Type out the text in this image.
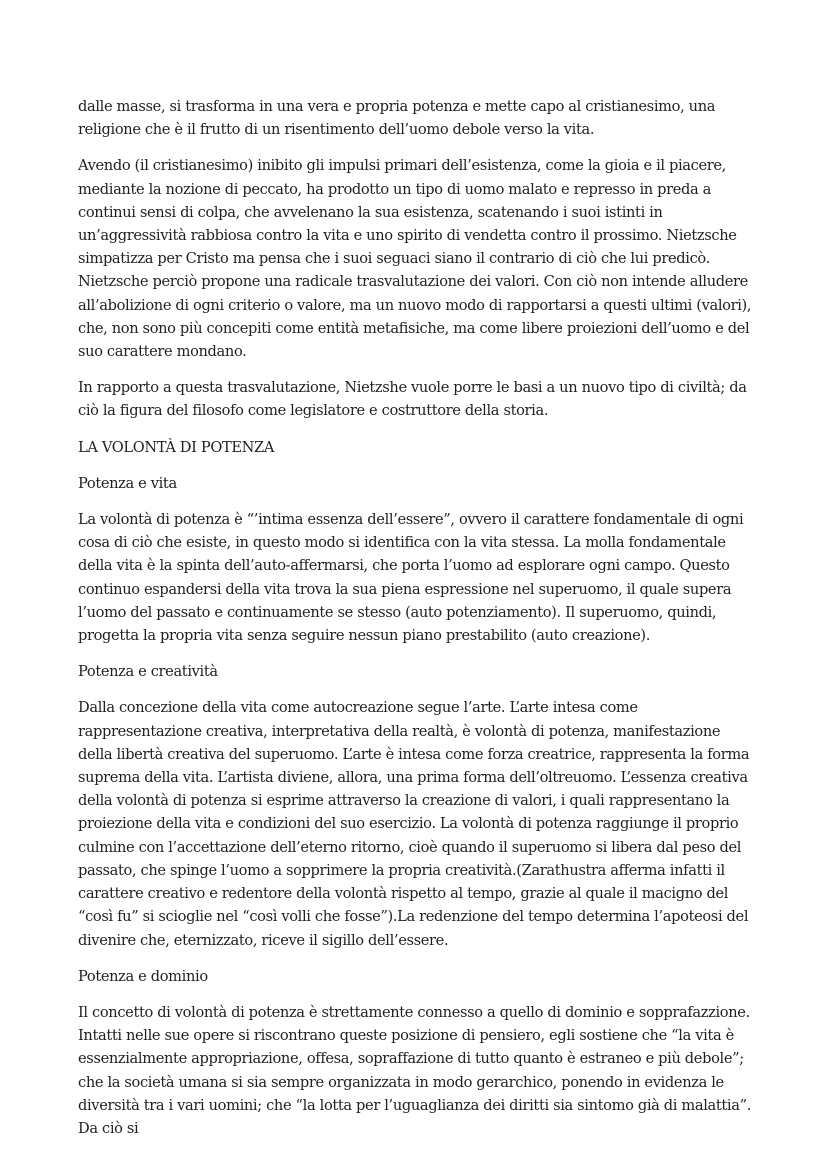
dalle masse, si trasforma in una vera e propria potenza e mette capo al cristianesimo, una religione che è il frutto di un risentimento dell’uomo debole verso la vita.

Avendo (il cristianesimo) inibito gli impulsi primari dell’esistenza, come la gioia e il piacere, mediante la nozione di peccato, ha prodotto un tipo di uomo malato e represso in preda a continui sensi di colpa, che avvelenano la sua esistenza, scatenando i suoi istinti in un’aggressività rabbiosa contro la vita e uno spirito di vendetta contro il prossimo. Nietzsche simpatizza per Cristo ma pensa che i suoi seguaci siano il contrario di ciò che lui predicò. Nietzsche perciò propone una radicale trasvalutazione dei valori. Con ciò non intende alludere all’abolizione di ogni criterio o valore, ma un nuovo modo di rapportarsi a questi ultimi (valori), che, non sono più concepiti come entità metafisiche, ma come libere proiezioni dell’uomo e del suo carattere mondano.

In rapporto a questa trasvalutazione, Nietzshe vuole porre le basi a un nuovo tipo di civiltà; da ciò la figura del filosofo come legislatore e costruttore della storia.

LA VOLONTÀ DI POTENZA
Potenza e vita

La volontà di potenza è “’intima essenza dell’essere”, ovvero il carattere fondamentale di ogni cosa di ciò che esiste, in questo modo si identifica con la vita stessa. La molla fondamentale della vita è la spinta dell’auto-affermarsi, che porta l’uomo ad esplorare ogni campo. Questo continuo espandersi della vita trova la sua piena espressione nel superuomo, il quale supera l’uomo del passato e continuamente se stesso (auto potenziamento). Il superuomo, quindi, progetta la propria vita senza seguire nessun piano prestabilito (auto creazione).

Potenza e creatività

Dalla concezione della vita come autocreazione segue l’arte. L’arte intesa come rappresentazione creativa, interpretativa della realtà, è volontà di potenza, manifestazione della libertà creativa del superuomo. L’arte è intesa come forza creatrice, rappresenta la forma suprema della vita. L’artista diviene, allora, una prima forma dell’oltreuomo. L’essenza creativa della volontà di potenza si esprime attraverso la creazione di valori, i quali rappresentano la proiezione della vita e condizioni del suo esercizio. La volontà di potenza raggiunge il proprio culmine con l’accettazione dell’eterno ritorno, cioè quando il superuomo si libera dal peso del passato, che spinge l’uomo a sopprimere la propria creatività.(Zarathustra afferma infatti il carattere creativo e redentore della volontà rispetto al tempo, grazie al quale il macigno del “così fu” si scioglie nel “così volli che fosse”).La redenzione del tempo determina l’apoteosi del divenire che, eternizzato, riceve il sigillo dell’essere.

Potenza e dominio

Il concetto di volontà di potenza è strettamente connesso a quello di dominio e sopprafazzione. Intatti nelle sue opere si riscontrano queste posizione di pensiero, egli sostiene che “la vita è essenzialmente appropriazione, offesa, sopraffazione di tutto quanto è estraneo e più debole”; che la società umana si sia sempre organizzata in modo gerarchico, ponendo in evidenza le diversità tra i vari uomini; che “la lotta per l’uguaglianza dei diritti sia sintomo già di malattia”. Da ciò si
